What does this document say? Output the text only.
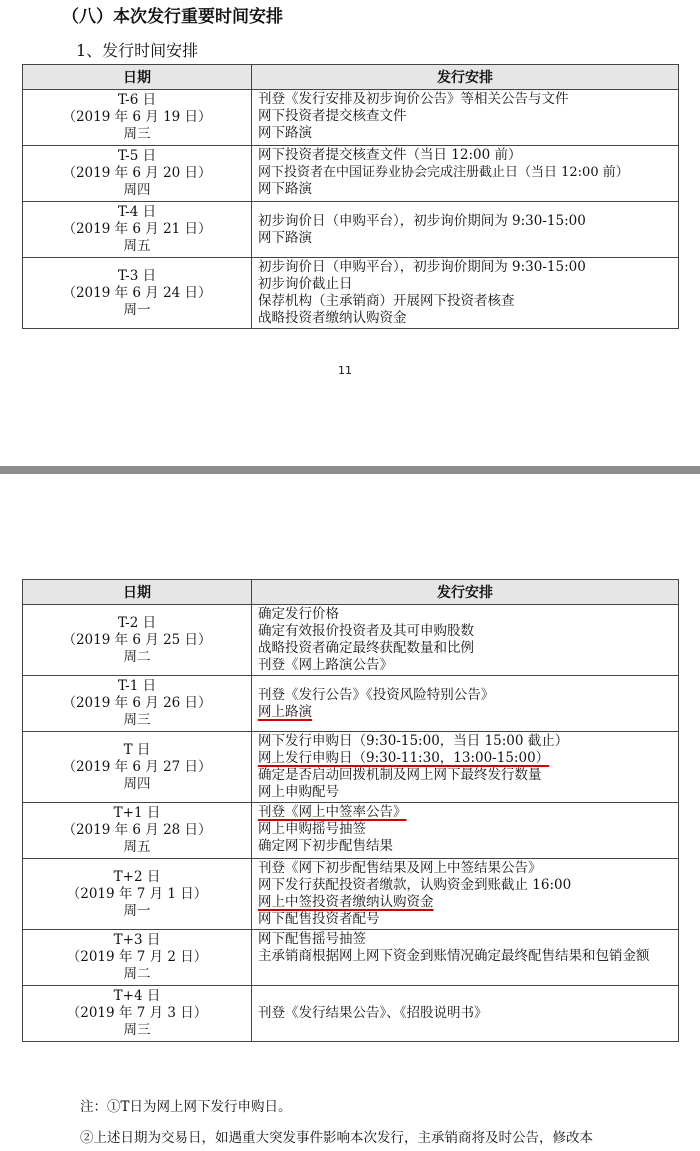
（八）本次发行重要时间安排
1、发行时间安排
日期	发行安排

T-6 日
（2019 年 6 月 19 日）
周三	刊登《发行安排及初步询价公告》等相关公告与文件
网下投资者提交核查文件
网下路演

T-5 日
（2019 年 6 月 20 日）
周四	网下投资者提交核查文件（当日 12:00 前）
网下投资者在中国证券业协会完成注册截止日（当日 12:00 前）
网下路演

T-4 日
（2019 年 6 月 21 日）
周五	初步询价日（申购平台），初步询价期间为 9:30-15:00
网下路演

T-3 日
（2019 年 6 月 24 日）
周一	初步询价日（申购平台），初步询价期间为 9:30-15:00
初步询价截止日
保荐机构（主承销商）开展网下投资者核查
战略投资者缴纳认购资金
11
日期	发行安排

T-2 日
（2019 年 6 月 25 日）
周二	确定发行价格
确定有效报价投资者及其可申购股数
战略投资者确定最终获配数量和比例
刊登《网上路演公告》

T-1 日
（2019 年 6 月 26 日）
周三	刊登《发行公告》《投资风险特别公告》
网上路演

T 日
（2019 年 6 月 27 日）
周四	网下发行申购日（9:30-15:00，当日 15:00 截止）
网上发行申购日（9:30-11:30，13:00-15:00）
确定是否启动回拨机制及网上网下最终发行数量
网上申购配号

T+1 日
（2019 年 6 月 28 日）
周五	刊登《网上中签率公告》
网上申购摇号抽签
确定网下初步配售结果

T+2 日
（2019 年 7 月 1 日）
周一	刊登《网下初步配售结果及网上中签结果公告》
网下发行获配投资者缴款，认购资金到账截止 16:00
网上中签投资者缴纳认购资金
网下配售投资者配号

T+3 日
（2019 年 7 月 2 日）
周二	网下配售摇号抽签
主承销商根据网上网下资金到账情况确定最终配售结果和包销金额

T+4 日
（2019 年 7 月 3 日）
周三	刊登《发行结果公告》、《招股说明书》
注：①T日为网上网下发行申购日。
②上述日期为交易日，如遇重大突发事件影响本次发行，主承销商将及时公告，修改本
